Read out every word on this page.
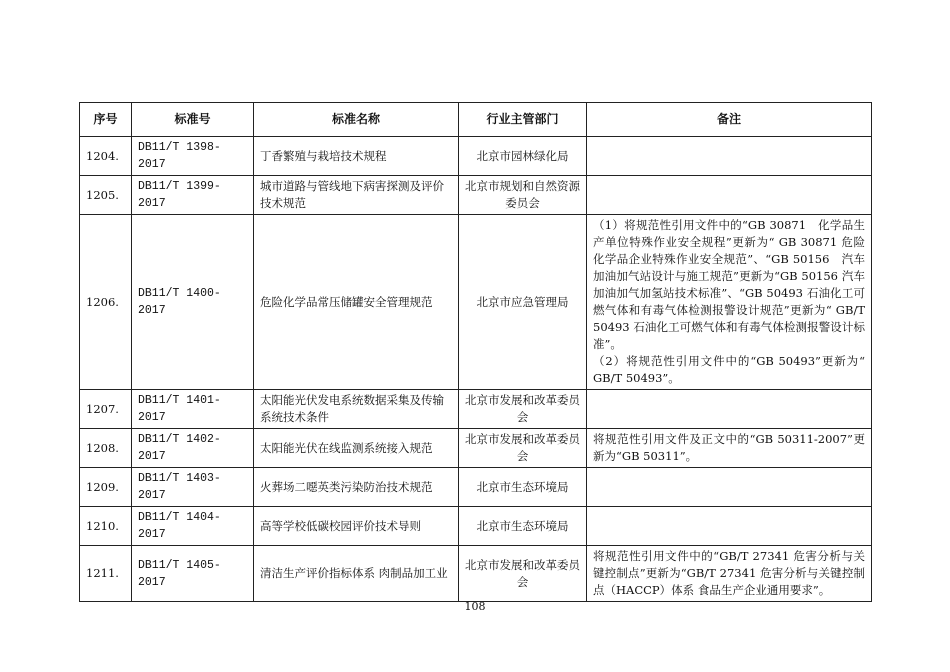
序号	标准号	标准名称	行业主管部门	备注
1204.	DB11/T 1398-2017	丁香繁殖与栽培技术规程	北京市园林绿化局	
1205.	DB11/T 1399-2017	城市道路与管线地下病害探测及评价技术规范	北京市规划和自然资源委员会	
1206.	DB11/T 1400-2017	危险化学品常压储罐安全管理规范	北京市应急管理局	（1）将规范性引用文件中的“GB 30871　化学品生产单位特殊作业安全规程”更新为“ GB 30871 危险化学品企业特殊作业安全规范”、“GB 50156　汽车加油加气站设计与施工规范”更新为“GB 50156 汽车加油加气加氢站技术标准”、“GB 50493 石油化工可燃气体和有毒气体检测报警设计规范”更新为“ GB/T 50493 石油化工可燃气体和有毒气体检测报警设计标准”。
（2）将规范性引用文件中的“GB 50493”更新为“ GB/T 50493”。

1207.	DB11/T 1401-2017	太阳能光伏发电系统数据采集及传输系统技术条件	北京市发展和改革委员会	
1208.	DB11/T 1402-2017	太阳能光伏在线监测系统接入规范	北京市发展和改革委员会	将规范性引用文件及正文中的“GB 50311-2007”更新为“GB 50311”。

1209.	DB11/T 1403-2017	火葬场二噁英类污染防治技术规范	北京市生态环境局	
1210.	DB11/T 1404-2017	高等学校低碳校园评价技术导则	北京市生态环境局	
1211.	DB11/T 1405-2017	清洁生产评价指标体系 肉制品加工业	北京市发展和改革委员会	将规范性引用文件中的“GB/T 27341 危害分析与关键控制点”更新为“GB/T 27341 危害分析与关键控制点（HACCP）体系 食品生产企业通用要求”。
108
